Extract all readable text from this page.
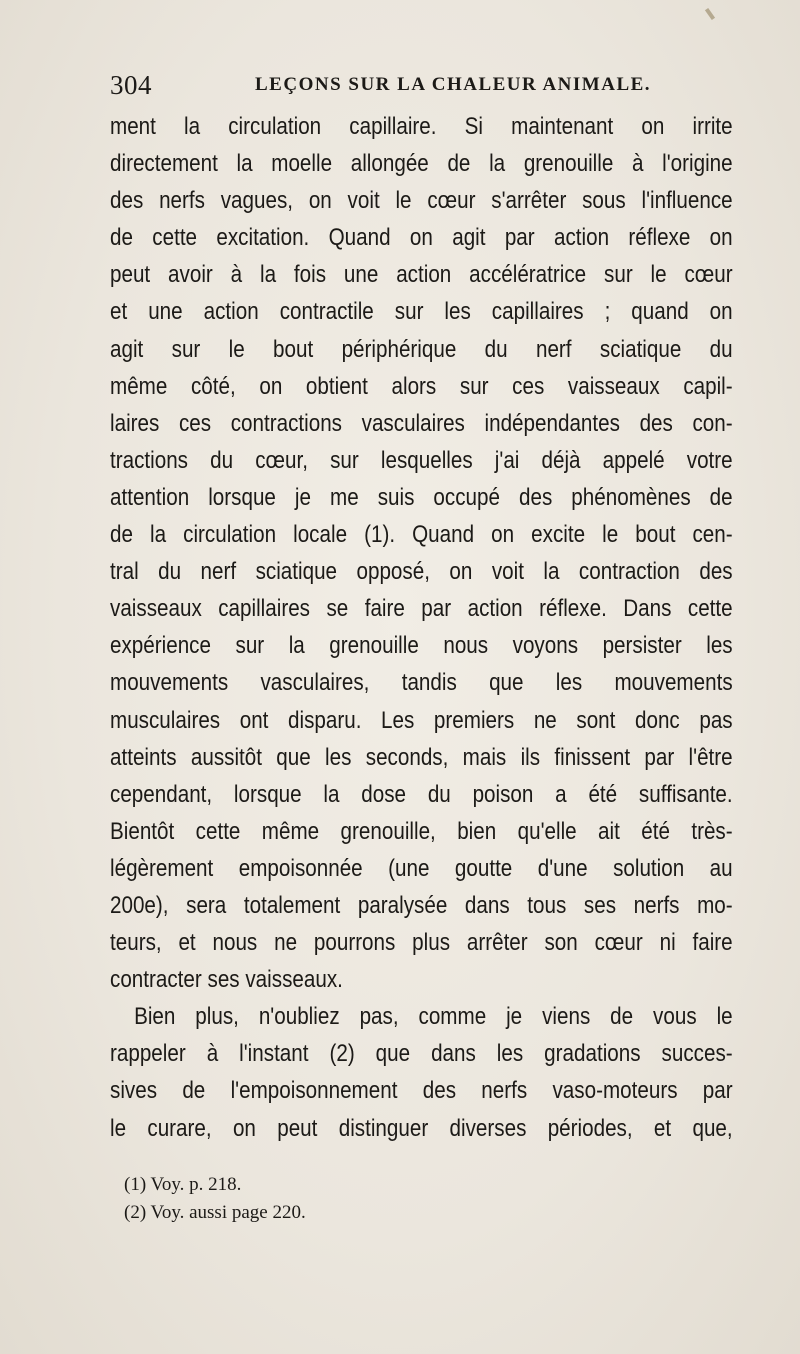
304	LEÇONS SUR LA CHALEUR ANIMALE.
ment la circulation capillaire. Si maintenant on irrite
directement la moelle allongée de la grenouille à l'origine
des nerfs vagues, on voit le cœur s'arrêter sous l'influence
de cette excitation. Quand on agit par action réflexe on
peut avoir à la fois une action accélératrice sur le cœur
et une action contractile sur les capillaires ; quand on
agit sur le bout périphérique du nerf sciatique du
même côté, on obtient alors sur ces vaisseaux capil-
laires ces contractions vasculaires indépendantes des con-
tractions du cœur, sur lesquelles j'ai déjà appelé votre
attention lorsque je me suis occupé des phénomènes de
de la circulation locale (1). Quand on excite le bout cen-
tral du nerf sciatique opposé, on voit la contraction des
vaisseaux capillaires se faire par action réflexe. Dans cette
expérience sur la grenouille nous voyons persister les
mouvements vasculaires, tandis que les mouvements
musculaires ont disparu. Les premiers ne sont donc pas
atteints aussitôt que les seconds, mais ils finissent par l'être
cependant, lorsque la dose du poison a été suffisante.
Bientôt cette même grenouille, bien qu'elle ait été très-
légèrement empoisonnée (une goutte d'une solution au
200e), sera totalement paralysée dans tous ses nerfs mo-
teurs, et nous ne pourrons plus arrêter son cœur ni faire
contracter ses vaisseaux.
Bien plus, n'oubliez pas, comme je viens de vous le
rappeler à l'instant (2) que dans les gradations succes-
sives de l'empoisonnement des nerfs vaso-moteurs par
le curare, on peut distinguer diverses périodes, et que,
(1) Voy. p. 218.
(2) Voy. aussi page 220.
